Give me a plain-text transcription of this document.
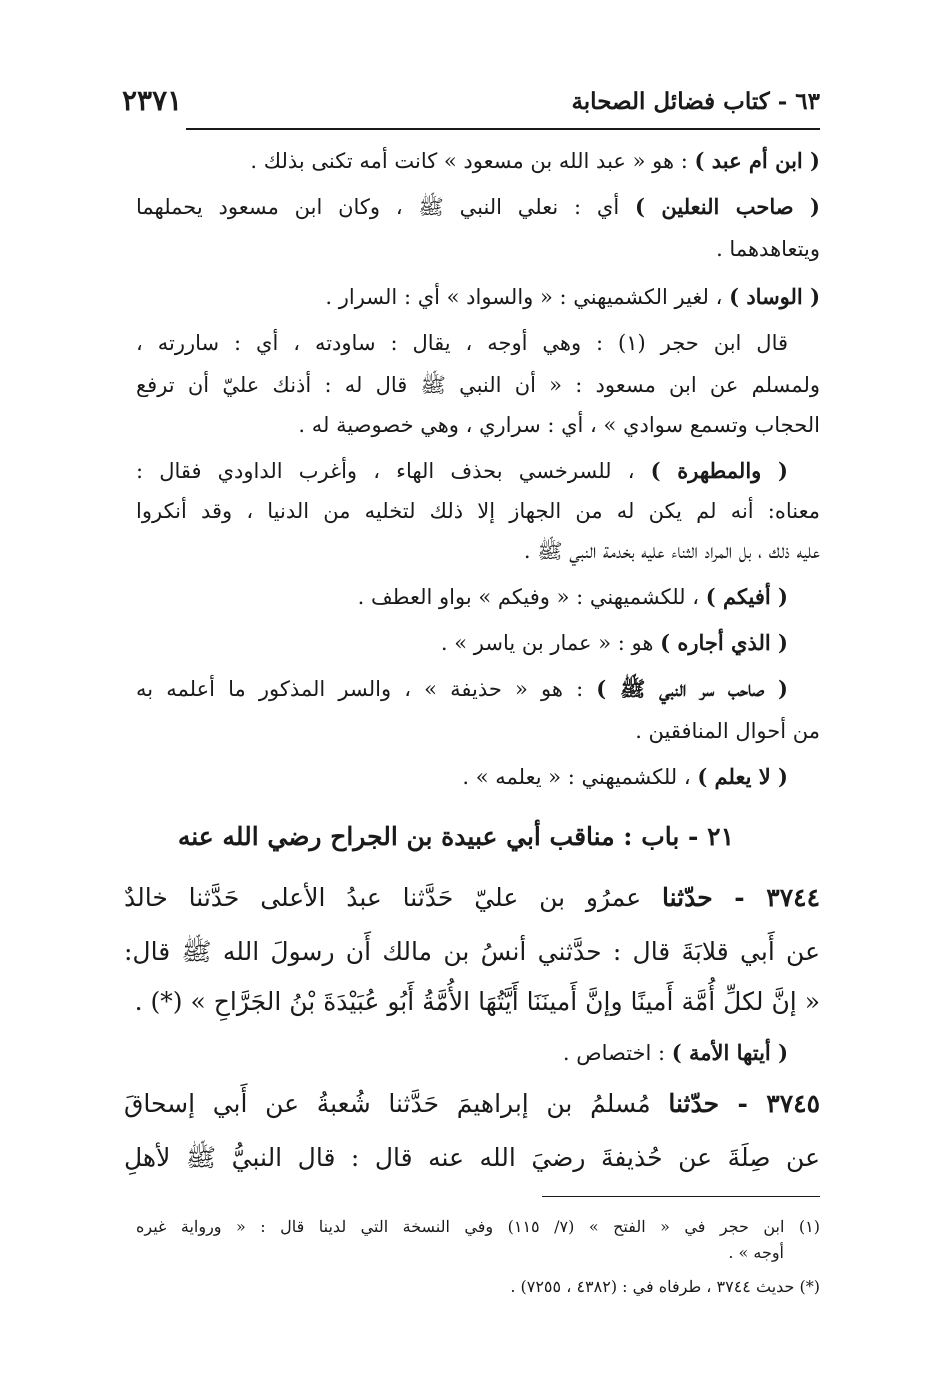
٦٣ - كتاب فضائل الصحابة
٢٣٧١
( ابن أم عبد ) : هو « عبد الله بن مسعود » كانت أمه تكنى بذلك .
( صاحب النعلين ) أي : نعلي النبي ﷺ ، وكان ابن مسعود يحملهما
ويتعاهدهما .
( الوساد ) ، لغير الكشميهني : « والسواد » أي : السرار .
قال ابن حجر (١) : وهي أوجه ، يقال : ساودته ، أي : ساررته ،
ولمسلم عن ابن مسعود : « أن النبي ﷺ قال له : أذنك عليّ أن ترفع
الحجاب وتسمع سوادي » ، أي : سراري ، وهي خصوصية له .
( والمطهرة ) ، للسرخسي بحذف الهاء ، وأغرب الداودي فقال :
معناه: أنه لم يكن له من الجهاز إلا ذلك لتخليه من الدنيا ، وقد أنكروا
عليه ذلك ، بل المراد الثناء عليه بخدمة النبي ﷺ .
( أفيكم ) ، للكشميهني : « وفيكم » بواو العطف .
( الذي أجاره ) هو : « عمار بن ياسر » .
( صاحب سر النبي ﷺ ) : هو « حذيفة » ، والسر المذكور ما أعلمه به
من أحوال المنافقين .
( لا يعلم ) ، للكشميهني : « يعلمه » .
٢١ - باب : مناقب أبي عبيدة بن الجراح رضي الله عنه
٣٧٤٤ - حدّثنا عمرُو بن عليّ حَدَّثنا عبدُ الأعلى حَدَّثنا خالدٌ
عن أَبي قلابَةَ قال : حدَّثني أنسُ بن مالك أَن رسولَ الله ﷺ قال:
« إنَّ لكلِّ أُمَّة أَمينًا وإنَّ أَمينَنَا أَيَّتُهَا الأُمَّةُ أَبُو عُبَيْدَةَ بْنُ الجَرَّاحِ » (*) .
( أيتها الأمة ) : اختصاص .
٣٧٤٥ - حدّثنا مُسلمُ بن إبراهيمَ حَدَّثنا شُعبةُ عن أَبي إسحاقَ
عن صِلَةَ عن حُذيفةَ رضيَ الله عنه قال : قال النبيُّ ﷺ لأهلِ
(١) ابن حجر في « الفتح » (٧/ ١١٥) وفي النسخة التي لدينا قال : « ورواية غيره
أوجه » .
(*) حديث ٣٧٤٤ ، طرفاه في : (٤٣٨٢ ، ٧٢٥٥) .
